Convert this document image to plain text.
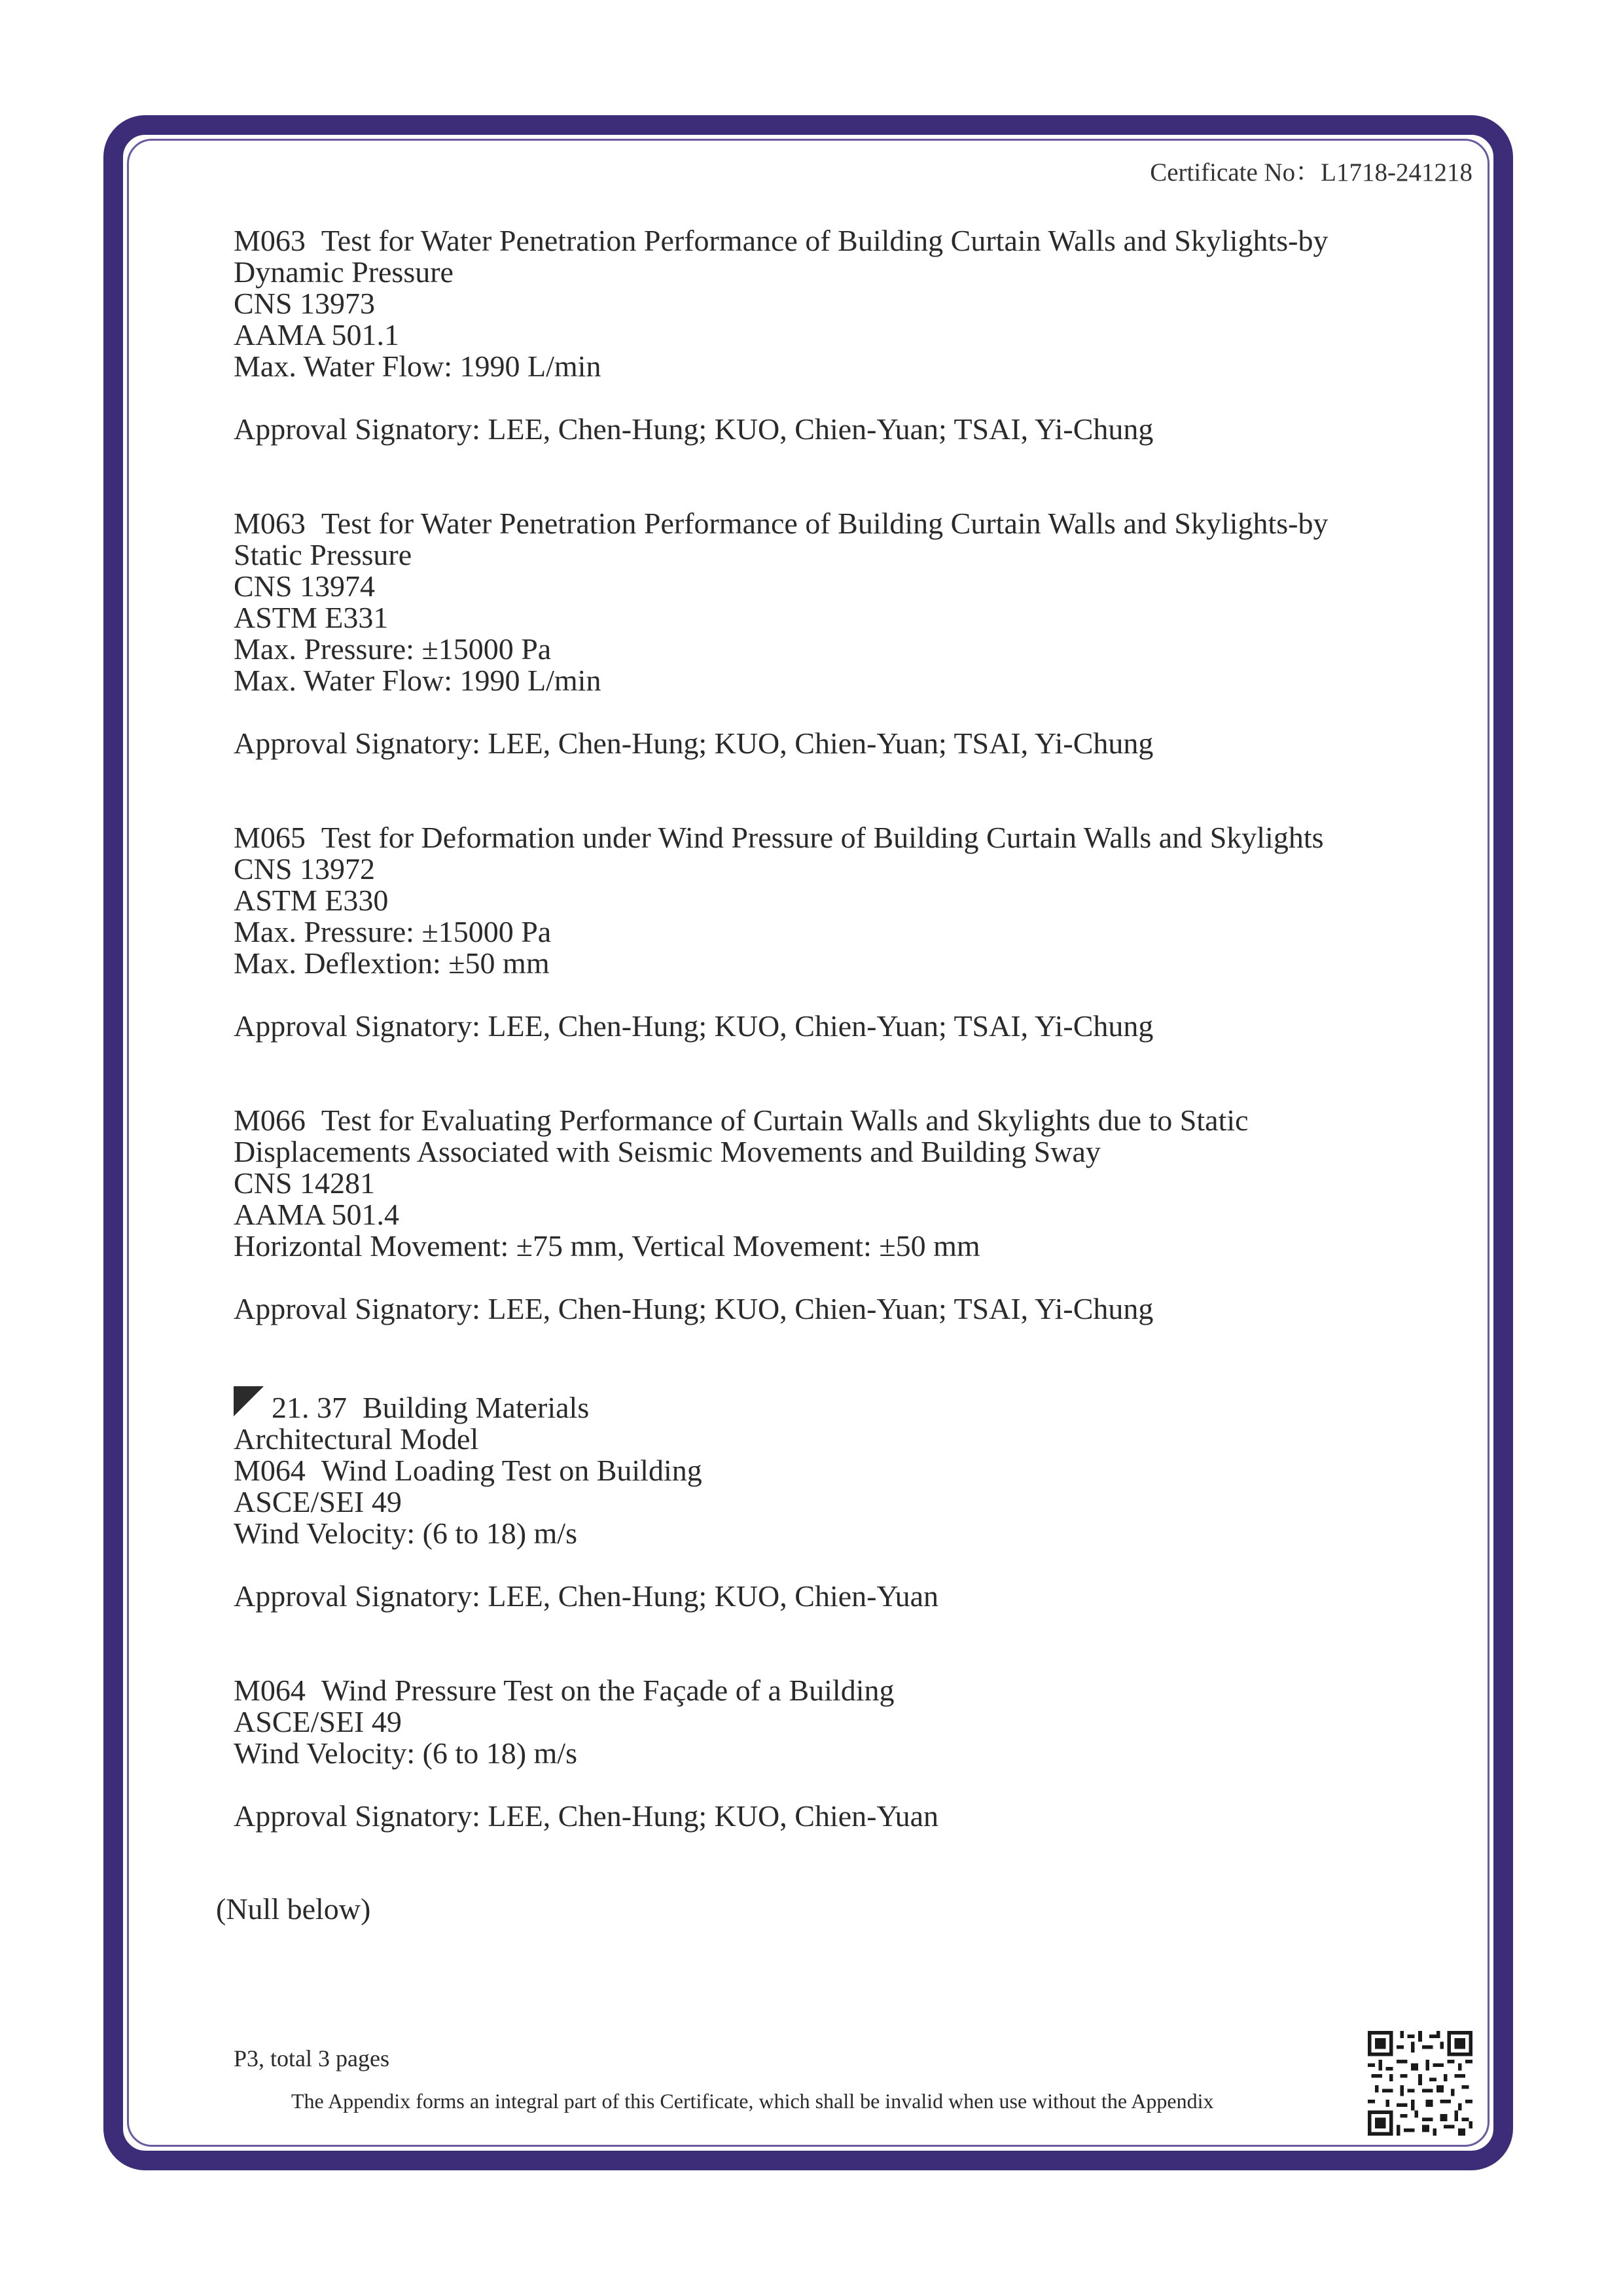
Certificate No：L1718-241218
M063 Test for Water Penetration Performance of Building Curtain Walls and Skylights-by
Dynamic Pressure
CNS 13973
AAMA 501.1
Max. Water Flow: 1990 L/min
Approval Signatory: LEE, Chen-Hung; KUO, Chien-Yuan; TSAI, Yi-Chung
M063 Test for Water Penetration Performance of Building Curtain Walls and Skylights-by
Static Pressure
CNS 13974
ASTM E331
Max. Pressure: ±15000 Pa
Max. Water Flow: 1990 L/min
Approval Signatory: LEE, Chen-Hung; KUO, Chien-Yuan; TSAI, Yi-Chung
M065 Test for Deformation under Wind Pressure of Building Curtain Walls and Skylights
CNS 13972
ASTM E330
Max. Pressure: ±15000 Pa
Max. Deflextion: ±50 mm
Approval Signatory: LEE, Chen-Hung; KUO, Chien-Yuan; TSAI, Yi-Chung
M066 Test for Evaluating Performance of Curtain Walls and Skylights due to Static
Displacements Associated with Seismic Movements and Building Sway
CNS 14281
AAMA 501.4
Horizontal Movement: ±75 mm, Vertical Movement: ±50 mm
Approval Signatory: LEE, Chen-Hung; KUO, Chien-Yuan; TSAI, Yi-Chung
21. 37 Building Materials
Architectural Model
M064 Wind Loading Test on Building
ASCE/SEI 49
Wind Velocity: (6 to 18) m/s
Approval Signatory: LEE, Chen-Hung; KUO, Chien-Yuan
M064 Wind Pressure Test on the Façade of a Building
ASCE/SEI 49
Wind Velocity: (6 to 18) m/s
Approval Signatory: LEE, Chen-Hung; KUO, Chien-Yuan
(Null below)
P3, total 3 pages
The Appendix forms an integral part of this Certificate, which shall be invalid when use without the Appendix
